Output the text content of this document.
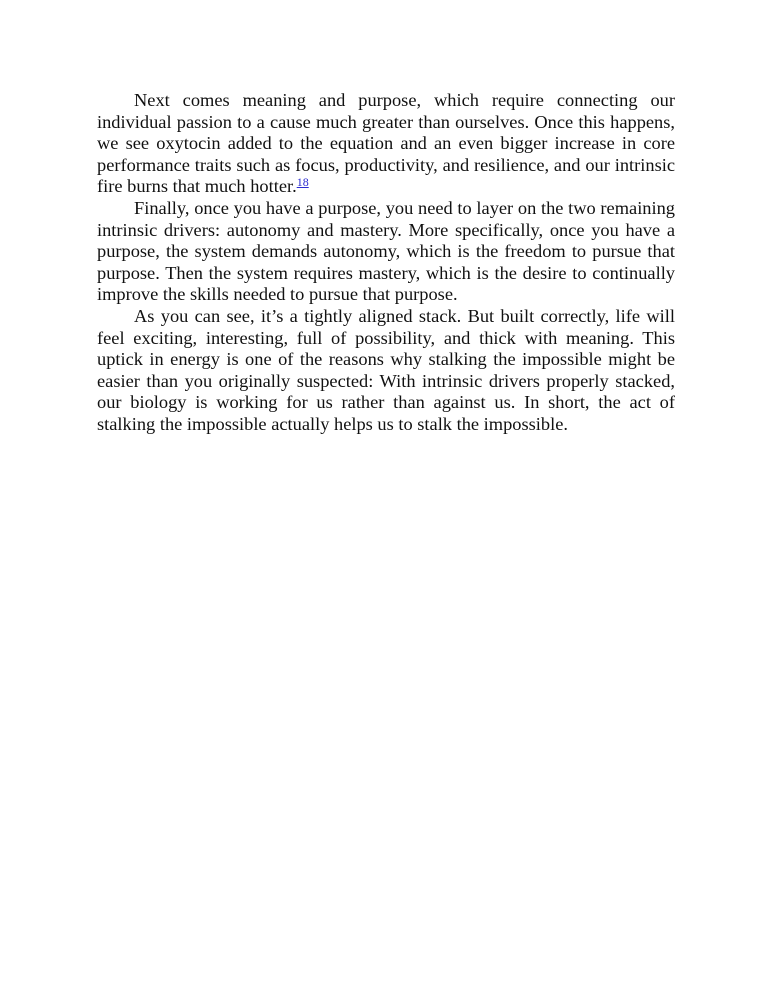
Next comes meaning and purpose, which require connecting our individual passion to a cause much greater than ourselves. Once this happens, we see oxytocin added to the equation and an even bigger increase in core performance traits such as focus, productivity, and resilience, and our intrinsic fire burns that much hotter.$^{18}$

Finally, once you have a purpose, you need to layer on the two remaining intrinsic drivers: autonomy and mastery. More specifically, once you have a purpose, the system demands autonomy, which is the freedom to pursue that purpose. Then the system requires mastery, which is the desire to continually improve the skills needed to pursue that purpose.

As you can see, it’s a tightly aligned stack. But built correctly, life will feel exciting, interesting, full of possibility, and thick with meaning. This uptick in energy is one of the reasons why stalking the impossible might be easier than you originally suspected: With intrinsic drivers properly stacked, our biology is working for us rather than against us. In short, the act of stalking the impossible actually helps us to stalk the impossible.
